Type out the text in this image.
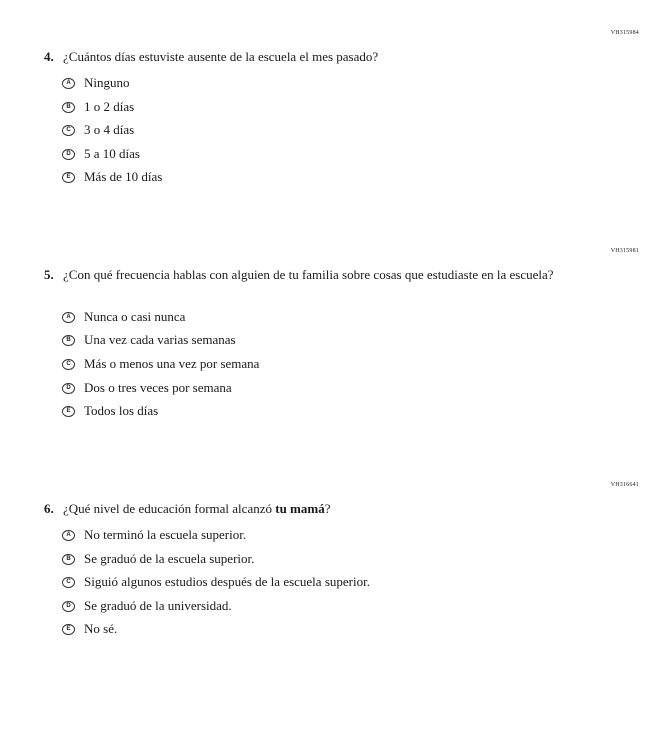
VH315984
4. ¿Cuántos días estuviste ausente de la escuela el mes pasado?
A	Ninguno
B	1 o 2 días
C	3 o 4 días
D	5 a 10 días
E	Más de 10 días
VH315981
5. ¿Con qué frecuencia hablas con alguien de tu familia sobre cosas que estudiaste en la escuela?
A	Nunca o casi nunca
B	Una vez cada varias semanas
C	Más o menos una vez por semana
D	Dos o tres veces por semana
E	Todos los días
VH316641
6. ¿Qué nivel de educación formal alcanzó tu mamá?
A	No terminó la escuela superior.
B	Se graduó de la escuela superior.
C	Siguió algunos estudios después de la escuela superior.
D	Se graduó de la universidad.
E	No sé.
